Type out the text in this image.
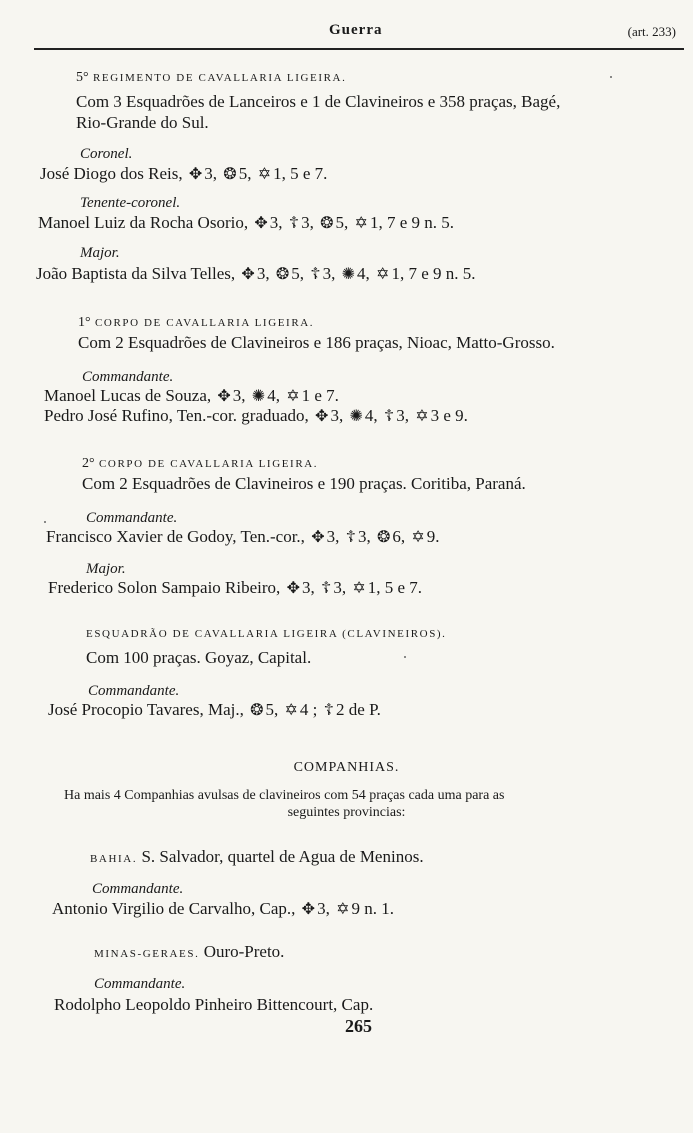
Guerra	(art. 233)
5° REGIMENTO DE CAVALLARIA LIGEIRA.
Com 3 Esquadrões de Lanceiros e 1 de Clavineiros e 358 praças, Bagé,
Rio-Grande do Sul.
Coronel.
José Diogo dos Reis, ✥ 3, ❂ 5, ✡ 1, 5 e 7.
Tenente-coronel.
Manoel Luiz da Rocha Osorio, ✥ 3, ☦ 3, ❂ 5, ✡ 1, 7 e 9 n. 5.
Major.
João Baptista da Silva Telles, ✥ 3, ❂ 5, ☦ 3, ✺ 4, ✡ 1, 7 e 9 n. 5.
1° CORPO DE CAVALLARIA LIGEIRA.
Com 2 Esquadrões de Clavineiros e 186 praças, Nioac, Matto-Grosso.
Commandante.
Manoel Lucas de Souza, ✥ 3, ✺ 4, ✡ 1 e 7.
Pedro José Rufino, Ten.-cor. graduado, ✥ 3, ✺ 4, ☦ 3, ✡ 3 e 9.
2° CORPO DE CAVALLARIA LIGEIRA.
Com 2 Esquadrões de Clavineiros e 190 praças. Coritiba, Paraná.
Commandante.
Francisco Xavier de Godoy, Ten.-cor., ✥ 3, ☦ 3, ❂ 6, ✡ 9.
Major.
Frederico Solon Sampaio Ribeiro, ✥ 3, ☦ 3, ✡ 1, 5 e 7.
ESQUADRÃO DE CAVALLARIA LIGEIRA (CLAVINEIROS).
Com 100 praças. Goyaz, Capital.
Commandante.
José Procopio Tavares, Maj., ❂ 5, ✡ 4 ; ☦ 2 de P.
COMPANHIAS.
Ha mais 4 Companhias avulsas de clavineiros com 54 praças cada uma para as
seguintes provincias:
BAHIA. S. Salvador, quartel de Agua de Meninos.
Commandante.
Antonio Virgilio de Carvalho, Cap., ✥ 3, ✡ 9 n. 1.
MINAS-GERAES. Ouro-Preto.
Commandante.
Rodolpho Leopoldo Pinheiro Bittencourt, Cap.
265
